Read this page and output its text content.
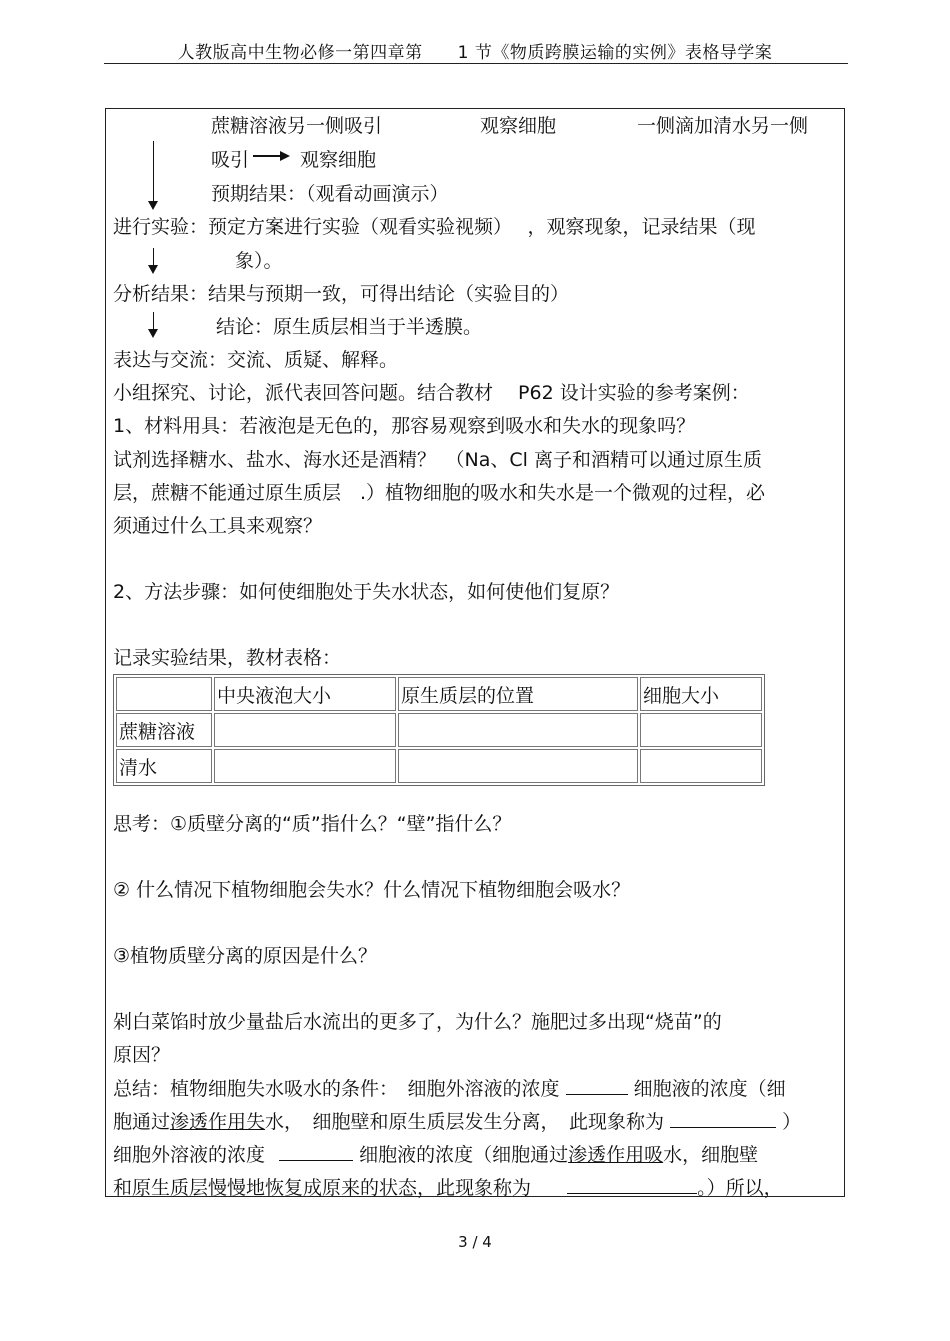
人教版高中生物必修一第四章第　　1 节《物质跨膜运输的实例》表格导学案
蔗糖溶液另一侧吸引	观察细胞	一侧滴加清水另一侧
吸引	观察细胞
预期结果：（观看动画演示）
进行实验：预定方案进行实验（观看实验视频）　 ，观察现象，记录结果（现
象）。
分析结果：结果与预期一致，可得出结论（实验目的）
结论：原生质层相当于半透膜。
表达与交流：交流、质疑、解释。
小组探究、讨论，派代表回答问题。结合教材　 P62 设计实验的参考案例：
1、材料用具：若液泡是无色的，那容易观察到吸水和失水的现象吗？
试剂选择糖水、盐水、海水还是酒精？　（Na、Cl 离子和酒精可以通过原生质
层，蔗糖不能通过原生质层　.）植物细胞的吸水和失水是一个微观的过程，必
须通过什么工具来观察？
2、方法步骤：如何使细胞处于失水状态，如何使他们复原？
记录实验结果，教材表格：
	中央液泡大小	原生质层的位置	细胞大小
蔗糖溶液			
清水			
思考：①质壁分离的“质”指什么？“壁”指什么？
② 什么情况下植物细胞会失水？什么情况下植物细胞会吸水？
③植物质壁分离的原因是什么？
剁白菜馅时放少量盐后水流出的更多了，为什么？施肥过多出现“烧苗”的
原因？
总结：植物细胞失水吸水的条件：　细胞外溶液的浓度	细胞液的浓度（细
胞通过渗透作用失水，　细胞壁和原生质层发生分离，　此现象称为	）
细胞外溶液的浓度	细胞液的浓度（细胞通过渗透作用吸水，细胞壁
和原生质层慢慢地恢复成原来的状态，此现象称为	。）所以，
3 / 4
